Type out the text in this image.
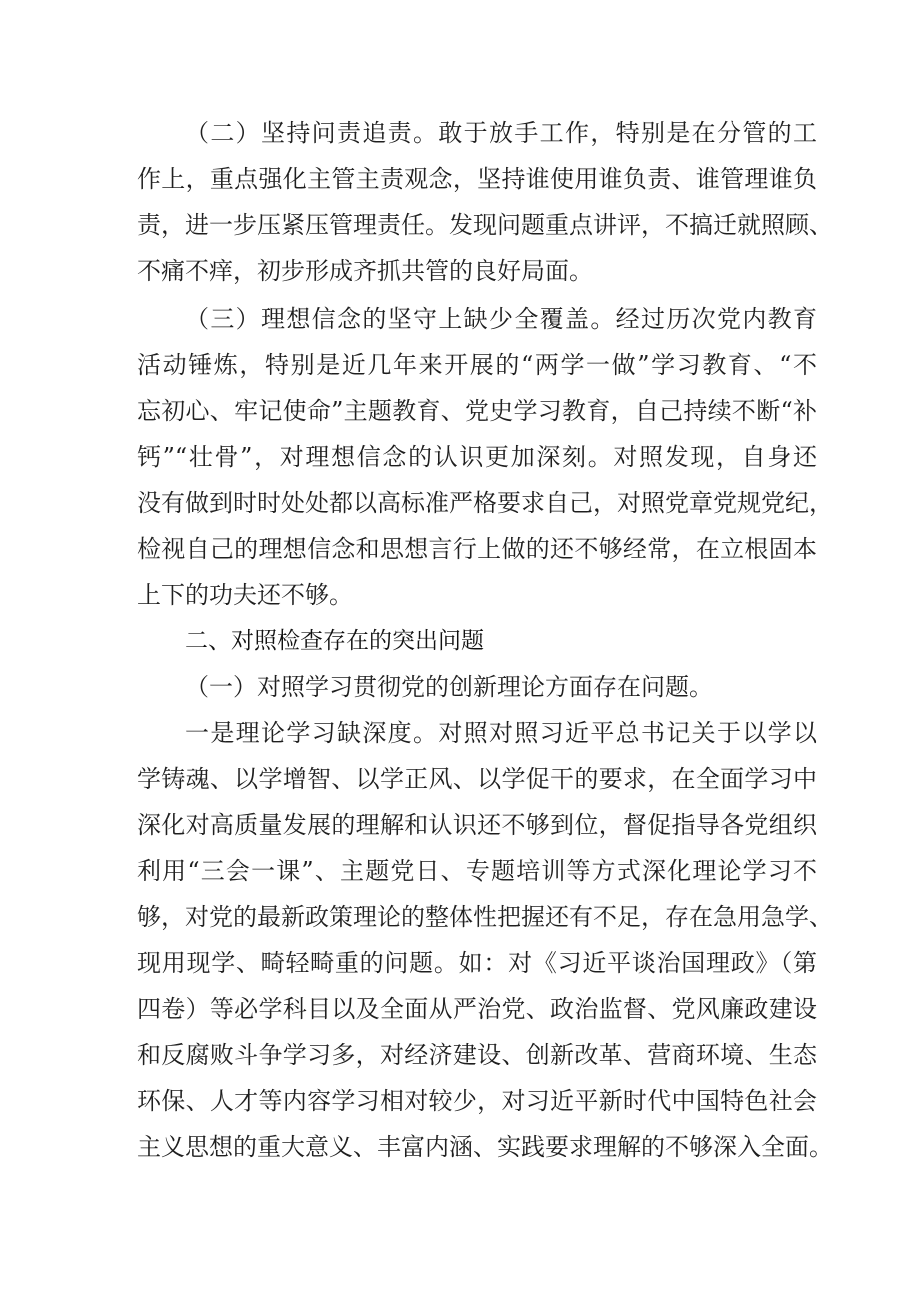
（二）坚持问责追责。敢于放手工作，特别是在分管的工
作上，重点强化主管主责观念，坚持谁使用谁负责、谁管理谁负
责，进一步压紧压管理责任。发现问题重点讲评，不搞迁就照顾、
不痛不痒，初步形成齐抓共管的良好局面。
（三）理想信念的坚守上缺少全覆盖。经过历次党内教育
活动锤炼，特别是近几年来开展的“两学一做”学习教育、“不
忘初心、牢记使命”主题教育、党史学习教育，自己持续不断“补
钙”“壮骨”，对理想信念的认识更加深刻。对照发现，自身还
没有做到时时处处都以高标准严格要求自己，对照党章党规党纪，
检视自己的理想信念和思想言行上做的还不够经常，在立根固本
上下的功夫还不够。
二、对照检查存在的突出问题
（一）对照学习贯彻党的创新理论方面存在问题。
一是理论学习缺深度。对照对照习近平总书记关于以学以
学铸魂、以学增智、以学正风、以学促干的要求，在全面学习中
深化对高质量发展的理解和认识还不够到位，督促指导各党组织
利用“三会一课”、主题党日、专题培训等方式深化理论学习不
够，对党的最新政策理论的整体性把握还有不足，存在急用急学、
现用现学、畸轻畸重的问题。如：对《习近平谈治国理政》（第
四卷）等必学科目以及全面从严治党、政治监督、党风廉政建设
和反腐败斗争学习多，对经济建设、创新改革、营商环境、生态
环保、人才等内容学习相对较少，对习近平新时代中国特色社会
主义思想的重大意义、丰富内涵、实践要求理解的不够深入全面。
